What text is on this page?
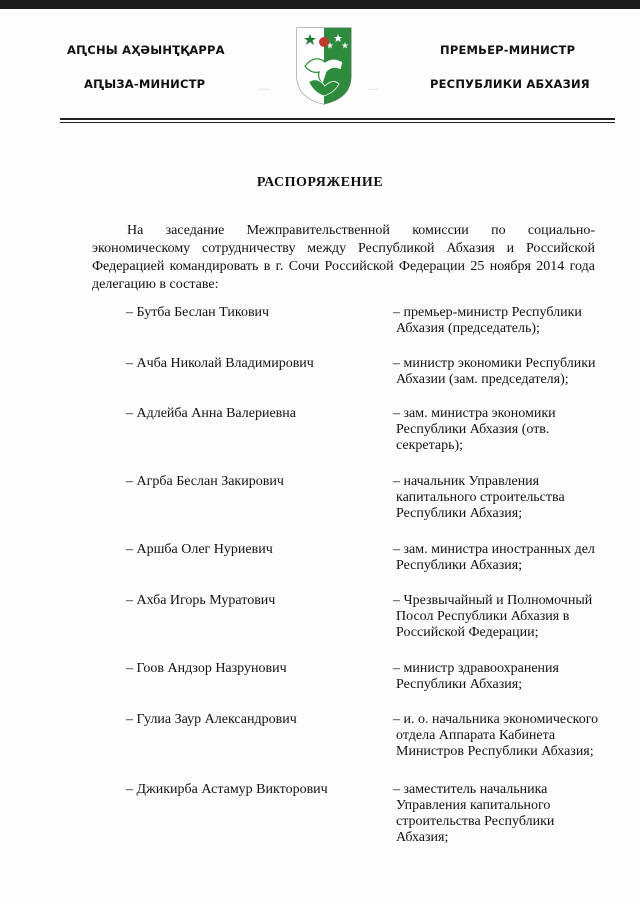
АԤСНЫ АҲӘЫНҬҚАРРА
АԤЫЗА-МИНИСТР
ПРЕМЬЕР-МИНИСТР
РЕСПУБЛИКИ АБХАЗИЯ
~~~	~~~
РАСПОРЯЖЕНИЕ
На заседание Межправительственной комиссии по социально-экономическому сотрудничеству между Республикой Абхазия и Российской Федерацией командировать в г. Сочи Российской Федерации 25 ноября 2014 года делегацию в составе:
– Бутба Беслан Тикович	– премьер-министр Республики
Абхазия (председатель);
– Ачба Николай Владимирович	– министр экономики Республики
Абхазии (зам. председателя);
– Адлейба Анна Валериевна	– зам. министра экономики
Республики Абхазия (отв.
секретарь);
– Агрба Беслан Закирович	– начальник Управления
капитального строительства
Республики Абхазия;
– Аршба Олег Нуриевич	– зам. министра иностранных дел
Республики Абхазия;
– Ахба Игорь Муратович	– Чрезвычайный и Полномочный
Посол Республики Абхазия в
Российской Федерации;
– Гоов Андзор Назрунович	– министр здравоохранения
Республики Абхазия;
– Гулиа Заур Александрович	– и. о. начальника экономического
отдела Аппарата Кабинета
Министров Республики Абхазия;
– Джикирба Астамур Викторович	– заместитель начальника
Управления капитального
строительства Республики
Абхазия;
